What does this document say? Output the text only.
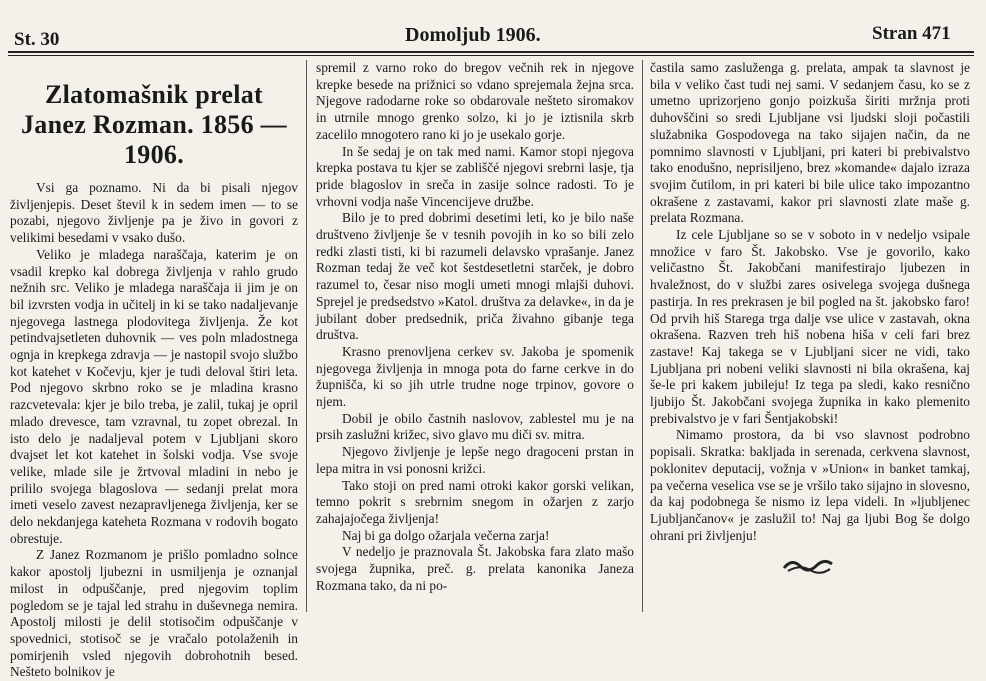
St. 30	Domoljub 1906.	Stran 471
Zlatomašnik prelat Janez Rozman. 1856 —1906.

Vsi ga poznamo. Ni da bi pisali njegov življenjepis. Deset števil k in sedem imen — to se pozabi, njegovo življenje pa je živo in govori z velikimi besedami v vsako dušo.

Veliko je mladega naraščaja, katerim je on vsadil krepko kal dobrega življenja v rahlo grudo nežnih src. Veliko je mladega naraščaja ii jim je on bil izvrsten vodja in učitelj in ki se tako nadaljevanje njegovega lastnega plodovitega življenja. Že kot petindvajsetleten duhovnik — ves poln mladostnega ognja in krepkega zdravja — je nastopil svojo službo kot katehet v Kočevju, kjer je tudi deloval štiri leta. Pod njegovo skrbno roko se je mladina krasno razcvetevala: kjer je bilo treba, je zalil, tukaj je opril mlado drevesce, tam vzravnal, tu zopet obrezal. In isto delo je nadaljeval potem v Ljubljani skoro dvajset let kot katehet in šolski vodja. Vse svoje velike, mlade sile je žrtvoval mladini in nebo je prililo svojega blagoslova — sedanji prelat mora imeti veselo zavest nezapravljenega življenja, ker se delo nekdanjega kateheta Rozmana v rodovih bogato obrestuje.

Z Janez Rozmanom je prišlo pomladno solnce kakor apostolj ljubezni in usmiljenja je oznanjal milost in odpuščanje, pred njegovim toplim pogledom se je tajal led strahu in duševnega nemira. Apostolj milosti je delil stotisočim odpuščanje v spovednici, stotisoč se je vračalo potolaženih in pomirjenih vsled njegovih dobrohotnih besed. Nešteto bolnikov je

spremil z varno roko do bregov večnih rek in njegove krepke besede na prižnici so vdano sprejemala žejna srca. Njegove radodarne roke so obdarovale nešteto siromakov in utrnile mnogo grenko solzo, ki jo je iztisnila skrb zacelilo mnogotero rano ki jo je usekalo gorje.

In še sedaj je on tak med nami. Kamor stopi njegova krepka postava tu kjer se zabliščé njegovi srebrni lasje, tja pride blagoslov in sreča in zasije solnce radosti. To je vrhovni vodja naše Vincencijeve družbe.

Bilo je to pred dobrimi desetimi leti, ko je bilo naše društveno življenje še v tesnih povojih in ko so bili zelo redki zlasti tisti, ki bi razumeli delavsko vprašanje. Janez Rozman tedaj že več kot šestdesetletni starček, je dobro razumel to, česar niso mogli umeti mnogi mlajši duhovi. Sprejel je predsedstvo »Katol. društva za delavke«, in da je jubilant dober predsednik, priča živahno gibanje tega društva.

Krasno prenovljena cerkev sv. Jakoba je spomenik njegovega življenja in mnoga pota do farne cerkve in do župnišča, ki so jih utrle trudne noge trpinov, govore o njem.

Dobil je obilo častnih naslovov, zablestel mu je na prsih zaslužni križec, sivo glavo mu diči sv. mitra.

Njegovo življenje je lepše nego dragoceni prstan in lepa mitra in vsi ponosni križci.

Tako stoji on pred nami otroki kakor gorski velikan, temno pokrit s srebrnim snegom in ožarjen z zarjo zahajajočega življenja!

Naj bi ga dolgo ožarjala večerna zarja!

V nedeljo je praznovala Št. Jakobska fara zlato mašo svojega župnika, preč. g. prelata kanonika Janeza Rozmana tako, da ni po-

častila samo zasluženga g. prelata, ampak ta slavnost je bila v veliko čast tudi nej sami. V sedanjem času, ko se z umetno uprizorjeno gonjo poizkuša širiti mržnja proti duhovščini so sredi Ljubljane vsi ljudski sloji počastili služabnika Gospodovega na tako sijajen način, da ne pomnimo slavnosti v Ljubljani, pri kateri bi prebivalstvo tako enodušno, neprisiljeno, brez »komande« dajalo izraza svojim čutilom, in pri kateri bi bile ulice tako impozantno okrašene z zastavami, kakor pri slavnosti zlate maše g. prelata Rozmana.

Iz cele Ljubljane so se v soboto in v nedeljo vsipale množice v faro Št. Jakobsko. Vse je govorilo, kako veličastno Št. Jakobčani manifestirajo ljubezen in hvaležnost, do v službi zares osivelega svojega dušnega pastirja. In res prekrasen je bil pogled na št. jakobsko faro! Od prvih hiš Starega trga dalje vse ulice v zastavah, okna okrašena. Razven treh hiš nobena hiša v celi fari brez zastave! Kaj takega se v Ljubljani sicer ne vidi, tako Ljubljana pri nobeni veliki slavnosti ni bila okrašena, kaj še-le pri kakem jubileju! Iz tega pa sledi, kako resnično ljubijo Št. Jakobčani svojega župnika in kako plemenito prebivalstvo je v fari Šentjakobski!

Nimamo prostora, da bi vso slavnost podrobno popisali. Skratka: bakljada in serenada, cerkvena slavnost, poklonitev deputacij, vožnja v »Union« in banket tamkaj, pa večerna veselica vse se je vršilo tako sijajno in slovesno, da kaj podobnega še nismo iz lepa videli. In »ljubljenec Ljubljančanov« je zaslužil to! Naj ga ljubi Bog še dolgo ohrani pri življenju!
